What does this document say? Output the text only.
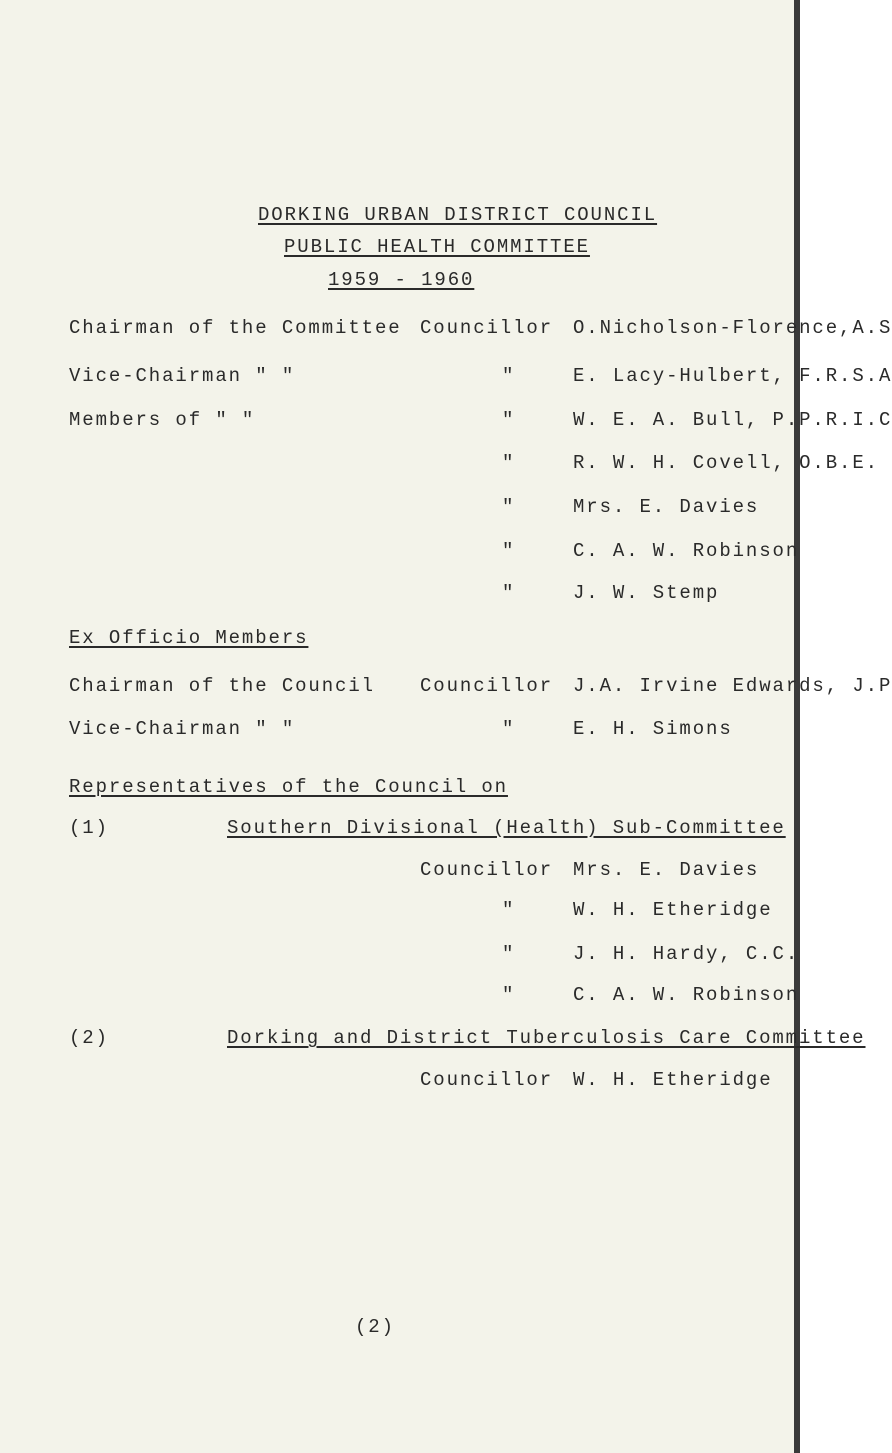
DORKING URBAN DISTRICT COUNCIL
PUBLIC HEALTH COMMITTEE
1959 - 1960
Ex Officio Members
Representatives of the Council on
(2)
Chairman of the Committee Councillor O.Nicholson-Florence,A.S
Vice-Chairman " "	"	E. Lacy-Hulbert, F.R.S.A
Members of " "	"	W. E. A. Bull, P.P.R.I.C
"	R. W. H. Covell, O.B.E.
"	Mrs. E. Davies
"	C. A. W. Robinson
"	J. W. Stemp
Chairman of the Council Councillor J.A. Irvine Edwards, J.P
Vice-Chairman " "	"	E. H. Simons
(1)	Southern Divisional (Health) Sub-Committee
Councillor Mrs. E. Davies
"	W. H. Etheridge
"	J. H. Hardy, C.C.
"	C. A. W. Robinson
(2)	Dorking and District Tuberculosis Care Committee
Councillor W. H. Etheridge
